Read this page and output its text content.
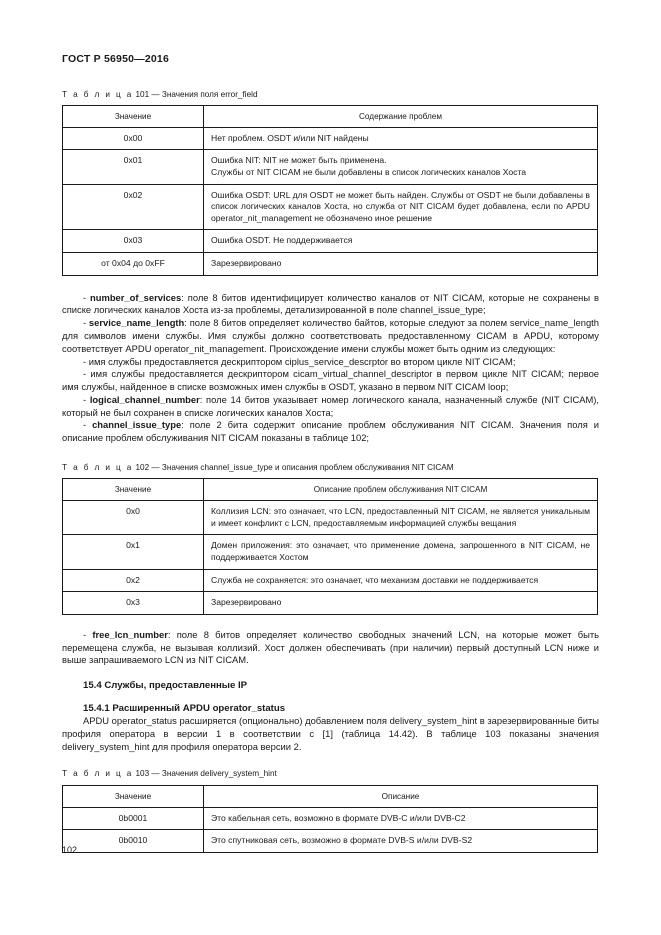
ГОСТ Р 56950—2016
Т а б л и ц а 101 — Значения поля error_field
Значение	Содержание проблем
0x00	Нет проблем. OSDT и/или NIT найдены
0x01	Ошибка NIT: NIT не может быть применена.
Службы от NIT CICAM не были добавлены в список логических каналов Хоста
0x02	Ошибка OSDT: URL для OSDT не может быть найден. Службы от OSDT не были добавлены в список логических каналов Хоста, но служба от NIT CICAM будет добавлена, если по APDU operator_nit_management не обозначено иное решение
0x03	Ошибка OSDT. Не поддерживается
от 0x04 до 0xFF	Зарезервировано

- number_of_services: поле 8 битов идентифицирует количество каналов от NIT CICAM, которые не сохранены в списке логических каналов Хоста из-за проблемы, детализированной в поле channel_issue_type;

- service_name_length: поле 8 битов определяет количество байтов, которые следуют за полем service_name_length для символов имени службы. Имя службы должно соответствовать предоставленному CICAM в APDU, которому соответствует APDU operator_nit_management. Происхождение имени службы может быть одним из следующих:

- имя службы предоставляется дескриптором ciplus_service_descrptor во втором цикле NIT CICAM;

- имя службы предоставляется дескриптором cicam_virtual_channel_descriptor в первом цикле NIT CICAM; первое имя службы, найденное в списке возможных имен службы в OSDT, указано в первом NIT CICAM loop;

- logical_channel_number: поле 14 битов указывает номер логического канала, назначенный службе (NIT CICAM), который не был сохранен в списке логических каналов Хоста;

- channel_issue_type: поле 2 бита содержит описание проблем обслуживания NIT CICAM. Значения поля и описание проблем обслуживания NIT CICAM показаны в таблице 102;

Т а б л и ц а 102 — Значения channel_issue_type и описания проблем обслуживания NIT CICAM
Значение	Описание проблем обслуживания NIT CICAM
0x0	Коллизия LCN: это означает, что LCN, предоставленный NIT CICAM, не является уникальным и имеет конфликт с LCN, предоставляемым информацией службы вещания
0x1	Домен приложения: это означает, что применение домена, запрошенного в NIT CICAM, не поддерживается Хостом
0x2	Служба не сохраняется: это означает, что механизм доставки не поддерживается
0x3	Зарезервировано

- free_lcn_number: поле 8 битов определяет количество свободных значений LCN, на которые может быть перемещена служба, не вызывая коллизий. Хост должен обеспечивать (при наличии) первый доступный LCN ниже и выше запрашиваемого LCN из NIT CICAM.

15.4 Службы, предоставленные IP
15.4.1 Расширенный APDU operator_status

APDU operator_status расширяется (опционально) добавлением поля delivery_system_hint в зарезервированные биты профиля оператора в версии 1 в соответствии с [1] (таблица 14.42). В таблице 103 показаны значения delivery_system_hint для профиля оператора версии 2.

Т а б л и ц а 103 — Значения delivery_system_hint
Значение	Описание
0b0001	Это кабельная сеть, возможно в формате DVB-C и/или DVB-C2
0b0010	Это спутниковая сеть, возможно в формате DVB-S и/или DVB-S2
102
